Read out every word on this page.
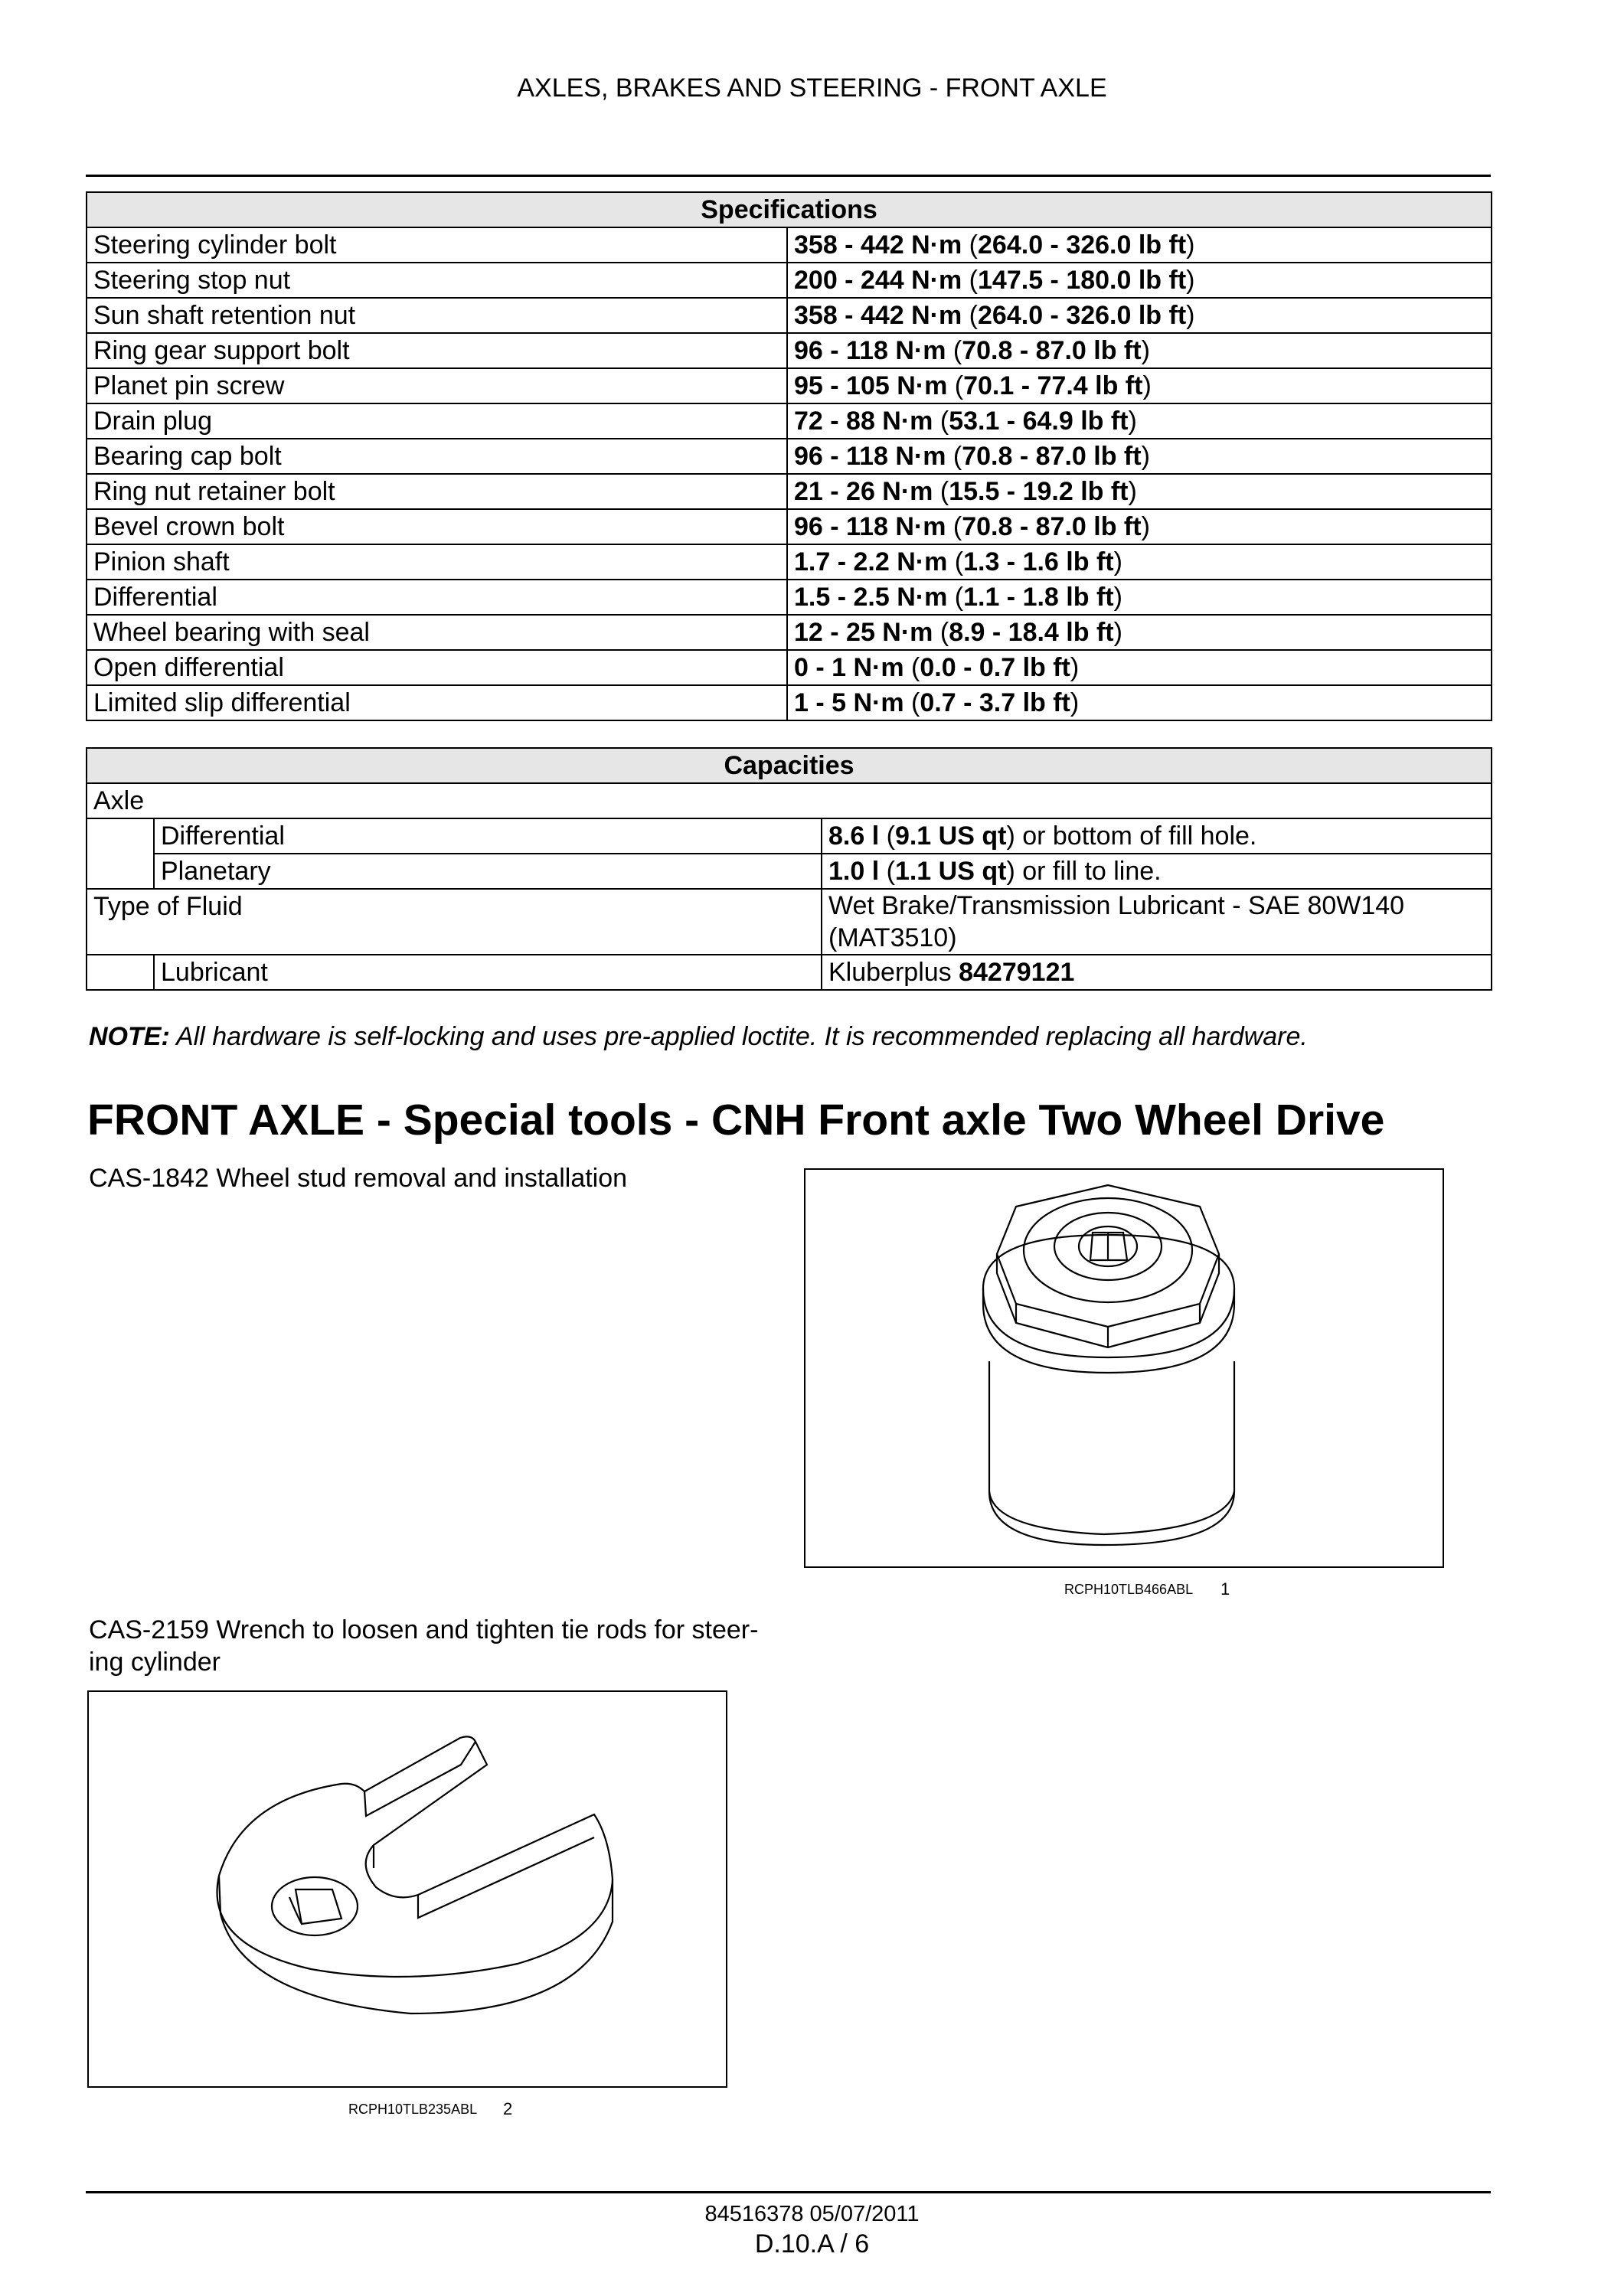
AXLES, BRAKES AND STEERING - FRONT AXLE
Specifications	
Steering cylinder bolt	358 - 442 N·m (264.0 - 326.0 lb ft)
Steering stop nut	200 - 244 N·m (147.5 - 180.0 lb ft)
Sun shaft retention nut	358 - 442 N·m (264.0 - 326.0 lb ft)
Ring gear support bolt	96 - 118 N·m (70.8 - 87.0 lb ft)
Planet pin screw	95 - 105 N·m (70.1 - 77.4 lb ft)
Drain plug	72 - 88 N·m (53.1 - 64.9 lb ft)
Bearing cap bolt	96 - 118 N·m (70.8 - 87.0 lb ft)
Ring nut retainer bolt	21 - 26 N·m (15.5 - 19.2 lb ft)
Bevel crown bolt	96 - 118 N·m (70.8 - 87.0 lb ft)
Pinion shaft	1.7 - 2.2 N·m (1.3 - 1.6 lb ft)
Differential	1.5 - 2.5 N·m (1.1 - 1.8 lb ft)
Wheel bearing with seal	12 - 25 N·m (8.9 - 18.4 lb ft)
Open differential	0 - 1 N·m (0.0 - 0.7 lb ft)
Limited slip differential	1 - 5 N·m (0.7 - 3.7 lb ft)
Capacities		
Axle		
	Differential	8.6 l (9.1 US qt) or bottom of fill hole.
	Planetary	1.0 l (1.1 US qt) or fill to line.
Type of Fluid		Wet Brake/Transmission Lubricant - SAE 80W140
(MAT3510)
	Lubricant	Kluberplus 84279121
NOTE: All hardware is self-locking and uses pre-applied loctite. It is recommended replacing all hardware.
FRONT AXLE - Special tools - CNH Front axle Two Wheel Drive
CAS-1842 Wheel stud removal and installation
RCPH10TLB466ABL 1
CAS-2159 Wrench to loosen and tighten tie rods for steer-
ing cylinder
RCPH10TLB235ABL 2
84516378 05/07/2011
D.10.A / 6
